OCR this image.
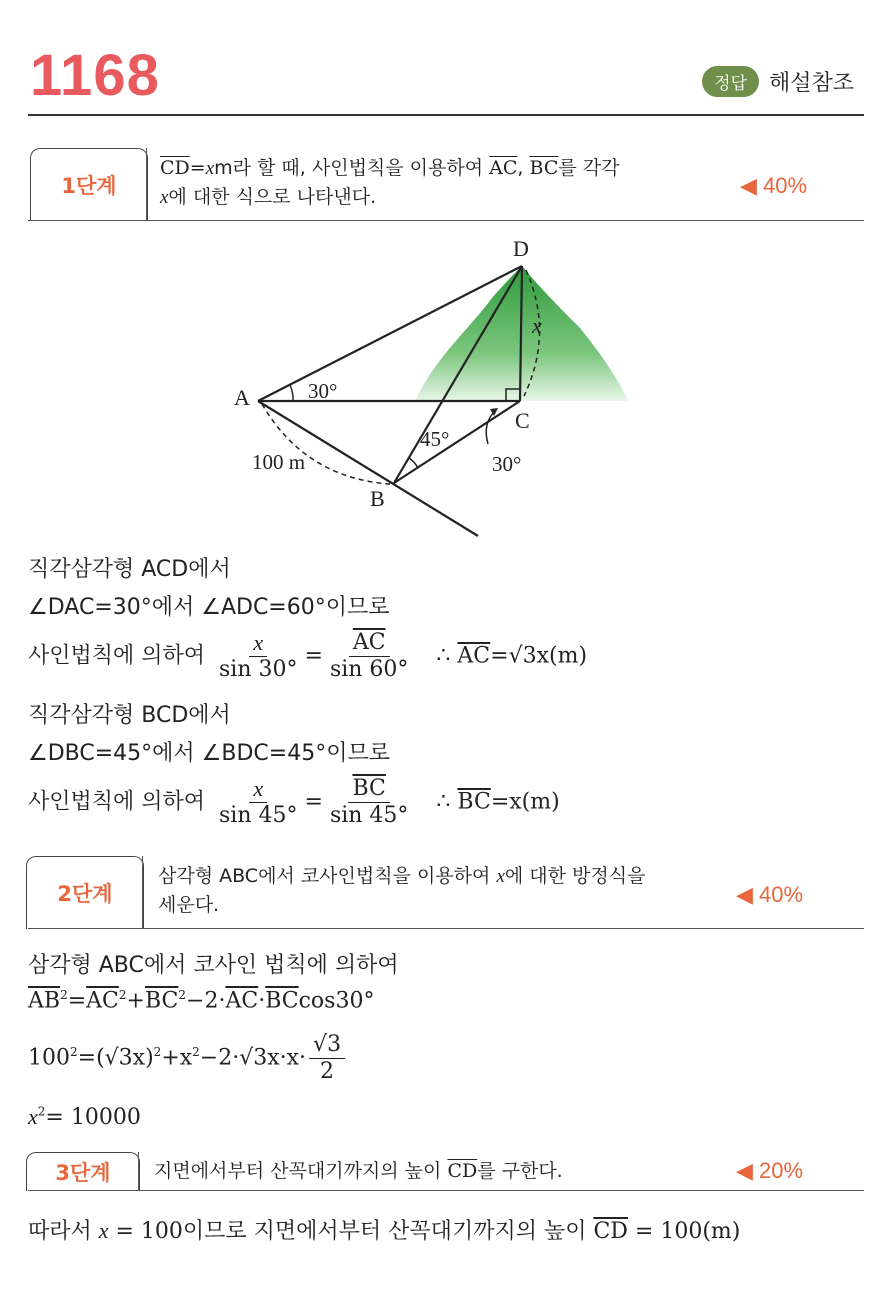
1168	정답	해설참조
1단계
$\overline{CD}=xm$라 할 때, 사인법칙을 이용하여 $\overline{AC}$, $\overline{BC}$를 각각
x에 대한 식으로 나타낸다.	◀ 40%
A
B
C
D
x
30°
45°
30°
100 m
직각삼각형 ACD에서
∠DAC=30°에서 ∠ADC=60°이므로
사인법칙에 의하여 $\frac{x}{\sin 30^\circ} = \frac{\overline{AC}}{\sin 60^\circ}$ ∴ $\overline{AC}=√3x(m)$
직각삼각형 BCD에서
∠DBC=45°에서 ∠BDC=45°이므로
사인법칙에 의하여 $\frac{x}{\sin 45^\circ} = \frac{\overline{BC}}{\sin 45^\circ}$ ∴ $\overline{BC}=x(m)$
2단계
삼각형 ABC에서 코사인법칙을 이용하여 x에 대한 방정식을
세운다.	◀ 40%
삼각형 ABC에서 코사인 법칙에 의하여
$\overline{AB}^2=\overline{AC}^2+\overline{BC}^2-2\cdot\overline{AC}\cdot\overline{BC}\cos 30^\circ$
$100^2=(√3x)^2+x^2-2\cdot√3x\cdot x\cdot \frac{√3}{2}$
$x^2= 10000$
3단계	지면에서부터 산꼭대기까지의 높이 $\overline{CD}$를 구한다.	◀ 20%
따라서 x = 100이므로 지면에서부터 산꼭대기까지의 높이 $\overline{CD} = 100(m)$
